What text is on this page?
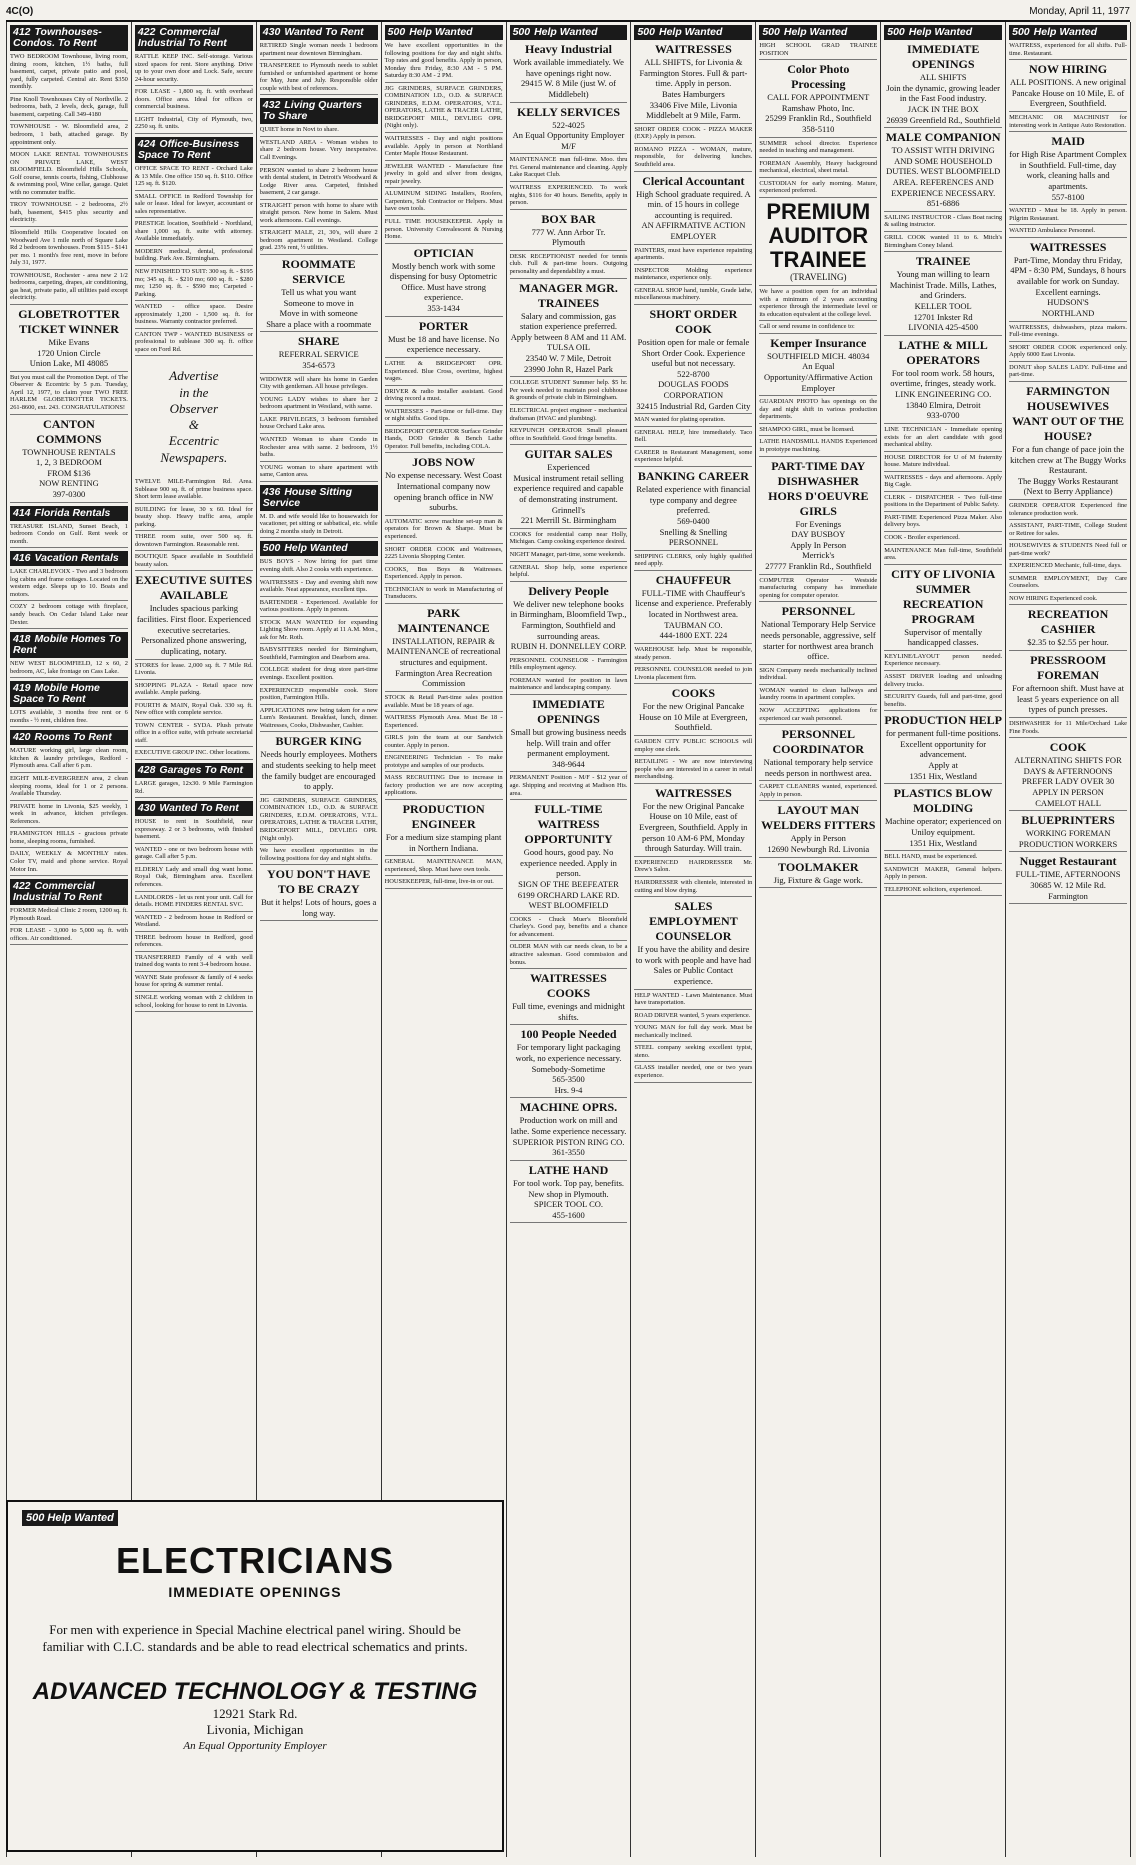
4C(O)	Monday, April 11, 1977
412 Townhouses-Condos. To Rent

TWO BEDROOM Townhouse, living room, dining room, kitchen, 1½ baths, full basement, carpet, private patio and pool, yard, fully carpeted. Central air. Rent $350 monthly.

Pine Knoll Townhouses City of Northville. 2 bedrooms, bath, 2 levels, deck, garage, full basement, carpeting. Call 349-4180

TOWNHOUSE - W. Bloomfield area, 2 bedroom, 1 bath, attached garage. By appointment only.

MOON LAKE RENTAL TOWNHOUSES ON PRIVATE LAKE, WEST BLOOMFIELD. Bloomfield Hills Schools, Golf course, tennis courts, fishing, Clubhouse & swimming pool, Wine cellar, garage. Quiet with no commuter traffic.

TROY TOWNHOUSE - 2 bedrooms, 2½ bath, basement, $415 plus security and electricity.

Bloomfield Hills Cooperative located on Woodward Ave 1 mile north of Square Lake Rd 2 bedroom townhouses. From $115 - $141 per mo. 1 month's free rent, move in before July 31, 1977.

TOWNHOUSE, Rochester - area new 2 1/2 bedrooms, carpeting, drapes, air conditioning, gas heat, private patio, all utilities paid except electricity.

GLOBETROTTER TICKET WINNER
Mike Evans
1720 Union Circle
Union Lake, MI 48085

But you must call the Promotion Dept. of The Observer & Eccentric by 5 p.m. Tuesday, April 12, 1977, to claim your TWO FREE HARLEM GLOBETROTTER TICKETS. 261-8600, ext. 243. CONGRATULATIONS!

CANTON COMMONS
TOWNHOUSE RENTALS
1, 2, 3 BEDROOM
FROM $136
NOW RENTING
397-0300
414 Florida Rentals

TREASURE ISLAND, Sunset Beach, 1 bedroom Condo on Gulf. Rent week or month.

416 Vacation Rentals

LAKE CHARLEVOIX - Two and 3 bedroom log cabins and frame cottages. Located on the western edge. Sleeps up to 10. Boats and motors.

COZY 2 bedroom cottage with fireplace, sandy beach. On Cedar Island Lake near Dexter.

418 Mobile Homes To Rent

NEW WEST BLOOMFIELD, 12 x 60, 2 bedroom, AC, lake frontage on Cass Lake.

419 Mobile Home Space To Rent

LOTS available, 3 months free rent or 6 months - ½ rent, children free.

420 Rooms To Rent

MATURE working girl, large clean room, kitchen & laundry privileges, Redford - Plymouth area. Call after 6 p.m.

EIGHT MILE-EVERGREEN area, 2 clean sleeping rooms, ideal for 1 or 2 persons. Available Thursday.

PRIVATE home in Livonia, $25 weekly, 1 week in advance, kitchen privileges. References.

FRAMINGTON HILLS - gracious private home, sleeping rooms, furnished.

DAILY, WEEKLY & MONTHLY rates. Color TV, maid and phone service. Royal Motor Inn.

422 Commercial Industrial To Rent

FORMER Medical Clinic 2 room, 1200 sq. ft. Plymouth Road.

FOR LEASE - 3,000 to 5,000 sq. ft. with offices. Air conditioned.

422 Commercial Industrial To Rent

RATTLE KEEP INC. Self-storage. Various sized spaces for rent. Store anything. Drive up to your own door and Lock. Safe, secure 24-hour security.

FOR LEASE - 1,800 sq. ft. with overhead doors. Office area. Ideal for offices or commercial business.

LIGHT Industrial, City of Plymouth, two, 2250 sq. ft. units.

424 Office-Business Space To Rent

OFFICE SPACE TO RENT - Orchard Lake & 13 Mile. One office 150 sq. ft. $110. Office 125 sq. ft. $120.

SMALL OFFICE in Redford Township for sale or lease. Ideal for lawyer, accountant or sales representative.

PRESTIGE location, Southfield - Northland, share 1,000 sq. ft. suite with attorney. Available immediately.

MODERN medical, dental, professional building. Park Ave. Birmingham.

NEW FINISHED TO SUIT: 300 sq. ft. - $195 mo; 345 sq. ft. - $210 mo; 600 sq. ft. - $280 mo; 1250 sq. ft. - $590 mo; Carpeted - Parking.

WANTED - office space. Desire approximately 1,200 - 1,500 sq. ft. for business. Warranty contractor preferred.

CANTON TWP - WANTED BUSINESS or professional to sublease 300 sq. ft. office space on Ford Rd.

Advertise
in the
Observer
&
Eccentric
Newspapers.

TWELVE MILE-Farmington Rd. Area. Sublease 900 sq. ft. of prime business space. Short term lease available.

BUILDING for lease, 30 x 60. Ideal for beauty shop. Heavy traffic area, ample parking.

THREE room suite, over 500 sq. ft. downtown Farmington. Reasonable rent.

BOUTIQUE Space available in Southfield beauty salon.

EXECUTIVE SUITES AVAILABLE
Includes spacious parking facilities. First floor. Experienced executive secretaries. Personalized phone answering, duplicating, notary.

STORES for lease. 2,000 sq. ft. 7 Mile Rd. Livonia.

SHOPPING PLAZA - Retail space now available. Ample parking.

FOURTH & MAIN, Royal Oak. 330 sq. ft. New office with complete service.

TOWN CENTER - SYDA. Plush private office in a office suite, with private secretarial staff.

EXECUTIVE GROUP INC. Other locations.

428 Garages To Rent

LARGE garages, 12x30. 9 Mile Farmington Rd.

430 Wanted To Rent

HOUSE to rent in Southfield, near expressway. 2 or 3 bedrooms, with finished basement.

WANTED - one or two bedroom house with garage. Call after 5 p.m.

ELDERLY Lady and small dog want home. Royal Oak, Birmingham area. Excellent references.

LANDLORDS - let us rent your unit. Call for details. HOME FINDERS RENTAL SVC.

WANTED - 2 bedroom house in Redford or Westland.

THREE bedroom house in Redford, good references.

TRANSFERRED Family of 4 with well trained dog wants to rent 3-4 bedroom house.

WAYNE State professor & family of 4 seeks house for spring & summer rental.

SINGLE working woman with 2 children in school, looking for house to rent in Livonia.

430 Wanted To Rent

RETIRED Single woman needs 1 bedroom apartment near downtown Birmingham.

TRANSFEREE to Plymouth needs to sublet furnished or unfurnished apartment or home for May, June and July. Responsible older couple with best of references.

432 Living Quarters To Share

QUIET home in Novi to share.

WESTLAND AREA - Woman wishes to share 2 bedroom house. Very inexpensive. Call Evenings.

PERSON wanted to share 2 bedroom house with dental student, in Detroit's Woodward & Lodge River area. Carpeted, finished basement, 2 car garage.

STRAIGHT person with home to share with straight person. New home in Salem. Must work afternoons. Call evenings.

STRAIGHT MALE, 21, 30's, will share 2 bedroom apartment in Westland. College grad. 23% rent, ½ utilities.

ROOMMATE SERVICE
Tell us what you want
Someone to move in
Move in with someone
Share a place with a roommate
SHARE
REFERRAL SERVICE
354-6573

WIDOWER will share his home in Garden City with gentleman. All house privileges.

YOUNG LADY wishes to share her 2 bedroom apartment in Westland, with same.

LAKE PRIVILEGES, 3 bedroom furnished house Orchard Lake area.

WANTED Woman to share Condo in Rochester area with same. 2 bedroom, 1½ baths.

YOUNG woman to share apartment with same, Canton area.

436 House Sitting Service

M. D. and wife would like to housewatch for vacationer, pet sitting or sabbatical, etc. while doing 2 months study in Detroit.

500 Help Wanted

BUS BOYS - Now hiring for part time evening shift. Also 2 cooks with experience.

WAITRESSES - Day and evening shift now available. Neat appearance, excellent tips.

BARTENDER - Experienced. Available for various positions. Apply in person.

STOCK MAN WANTED for expanding Lighting Show room. Apply at 11 A.M. Mon., ask for Mr. Roth.

BABYSITTERS needed for Birmingham, Southfield, Farmington and Dearborn area.

COLLEGE student for drug store part-time evenings. Excellent position.

EXPERIENCED responsible cook. Store position, Farmington Hills.

APPLICATIONS now being taken for a new Lum's Restaurant. Breakfast, lunch, dinner. Waitresses, Cooks, Dishwasher, Cashier.

BURGER KING
Needs hourly employees. Mothers and students seeking to help meet the family budget are encouraged to apply.

JIG GRINDERS, SURFACE GRINDERS, COMBINATION I.D., O.D. & SURFACE GRINDERS, E.D.M. OPERATORS, V.T.L. OPERATORS, LATHE & TRACER LATHE, BRIDGEPORT MILL, DEVLIEG OPR. (Night only).

We have excellent opportunities in the following positions for day and night shifts.

YOU DON'T HAVE TO BE CRAZY
But it helps! Lots of hours, goes a long way.
500 Help Wanted

We have excellent opportunities in the following positions for day and night shifts. Top rates and good benefits. Apply in person, Monday thru Friday, 8:30 AM - 5 PM. Saturday 8:30 AM - 2 PM.

JIG GRINDERS, SURFACE GRINDERS, COMBINATION I.D., O.D. & SURFACE GRINDERS, E.D.M. OPERATORS, V.T.L. OPERATORS, LATHE & TRACER LATHE, BRIDGEPORT MILL, DEVLIEG OPR. (Night only).

WAITRESSES - Day and night positions available. Apply in person at Northland Center Maple House Restaurant.

JEWELER WANTED - Manufacture fine jewelry in gold and silver from designs, repair jewelry.

ALUMINUM SIDING Installers, Roofers, Carpenters, Sub Contractor or Helpers. Must have own tools.

FULL TIME HOUSEKEEPER. Apply in person. University Convalescent & Nursing Home.

OPTICIAN
Mostly bench work with some dispensing for busy Optometric Office. Must have strong experience.
353-1434
PORTER
Must be 18 and have license. No experience necessary.

LATHE & BRIDGEPORT OPR. Experienced. Blue Cross, overtime, highest wages.

DRIVER & radio installer assistant. Good driving record a must.

WAITRESSES - Part-time or full-time. Day or night shifts. Good tips.

BRIDGEPORT OPERATOR Surface Grinder Hands, DOD Grinder & Bench Lathe Operator. Full benefits, including COLA.

JOBS NOW
No expense necessary. West Coast International company now opening branch office in NW suburbs.

AUTOMATIC screw machine set-up man & operators for Brown & Sharpe. Must be experienced.

SHORT ORDER COOK and Waitresses, 2225 Livonia Shopping Center.

COOKS, Bus Boys & Waitresses. Experienced. Apply in person.

TECHNICIAN to work in Manufacturing of Transducers.

PARK MAINTENANCE
INSTALLATION, REPAIR & MAINTENANCE of recreational structures and equipment.
Farmington Area Recreation Commission

STOCK & Retail Part-time sales position available. Must be 18 years of age.

WAITRESS Plymouth Area. Must Be 18 - Experienced.

GIRLS join the team at our Sandwich counter. Apply in person.

ENGINEERING Technician - To make prototype and samples of our products.

MASS RECRUITING Due to increase in factory production we are now accepting applications.

PRODUCTION ENGINEER
For a medium size stamping plant in Northern Indiana.

GENERAL MAINTENANCE MAN, experienced, Shop. Must have own tools.

HOUSEKEEPER, full-time, live-in or out.

500 Help Wanted
Heavy Industrial
Work available immediately. We have openings right now.
29415 W. 8 Mile (just W. of Middlebelt)
KELLY SERVICES
522-4025
An Equal Opportunity Employer M/F

MAINTENANCE man full-time. Moo. thru Fri. General maintenance and cleaning. Apply Lake Racquet Club.

WAITRESS EXPERIENCED. To work nights, $116 for 40 hours. Benefits, apply in person.

BOX BAR
777 W. Ann Arbor Tr.
Plymouth

DESK RECEPTIONIST needed for tennis club. Full & part-time hours. Outgoing personality and dependability a must.

MANAGER MGR. TRAINEES
Salary and commission, gas station experience preferred. Apply between 8 AM and 11 AM.
TULSA OIL
23540 W. 7 Mile, Detroit
23990 John R, Hazel Park

COLLEGE STUDENT Summer help. $5 hr. Per week needed to maintain pool clubhouse & grounds of private club in Birmingham.

ELECTRICAL project engineer - mechanical draftsman (HVAC and plumbing).

KEYPUNCH OPERATOR Small pleasant office in Southfield. Good fringe benefits.

GUITAR SALES
Experienced
Musical instrument retail selling experience required and capable of demonstrating instrument.
Grinnell's
221 Merrill St. Birmingham

COOKS for residential camp near Holly, Michigan. Camp cooking experience desired.

NIGHT Manager, part-time, some weekends.

GENERAL Shop help, some experience helpful.

Delivery People
We deliver new telephone books in Birmingham, Bloomfield Twp., Farmington, Southfield and surrounding areas.
RUBIN H. DONNELLEY CORP.

PERSONNEL COUNSELOR - Farmington Hills employment agency.

FOREMAN wanted for position in lawn maintenance and landscaping company.

IMMEDIATE OPENINGS
Small but growing business needs help. Will train and offer permanent employment.
348-9644

PERMANENT Position - M/F - $12 year of age. Shipping and receiving at Madison Hts. area.

FULL-TIME WAITRESS OPPORTUNITY
Good hours, good pay. No experience needed. Apply in person.
SIGN OF THE BEEFEATER
6199 ORCHARD LAKE RD.
WEST BLOOMFIELD

COOKS - Chuck Muer's Bloomfield Charley's. Good pay, benefits and a chance for advancement.

OLDER MAN with car needs clean, to be a attractive salesman. Good commission and bonus.

WAITRESSES COOKS
Full time, evenings and midnight shifts.
100 People Needed
For temporary light packaging work, no experience necessary.
Somebody-Sometime
565-3500
Hrs. 9-4
MACHINE OPRS.
Production work on mill and lathe. Some experience necessary.
SUPERIOR PISTON RING CO.
361-3550
LATHE HAND
For tool work. Top pay, benefits. New shop in Plymouth.
SPICER TOOL CO.
455-1600
500 Help Wanted
WAITRESSES
ALL SHIFTS, for Livonia & Farmington Stores. Full & part-time. Apply in person.
Bates Hamburgers
33406 Five Mile, Livonia
Middlebelt at 9 Mile, Farm.

SHORT ORDER COOK - PIZZA MAKER (EXP.) Apply in person.

ROMANO PIZZA - WOMAN, mature, responsible, for delivering lunches. Southfield area.

Clerical Accountant
High School graduate required. A min. of 15 hours in college accounting is required.
AN AFFIRMATIVE ACTION EMPLOYER

PAINTERS, must have experience repainting apartments.

INSPECTOR Molding experience maintenance, experience only.

GENERAL SHOP hand, tumble, Grade lathe, miscellaneous machinery.

SHORT ORDER COOK
Position open for male or female Short Order Cook. Experience useful but not necessary.
522-8700
DOUGLAS FOODS CORPORATION
32415 Industrial Rd, Garden City

MAN wanted for plating operation.

GENERAL HELP, hire immediately. Taco Bell.

CAREER in Restaurant Management, some experience helpful.

BANKING CAREER
Related experience with financial type company and degree preferred.
569-0400
Snelling & Snelling
PERSONNEL

SHIPPING CLERKS, only highly qualified need apply.

CHAUFFEUR
FULL-TIME with Chauffeur's license and experience. Preferably located in Northwest area.
TAUBMAN CO.
444-1800 EXT. 224

WAREHOUSE help. Must be responsible, steady person.

PERSONNEL COUNSELOR needed to join Livonia placement firm.

COOKS
For the new Original Pancake House on 10 Mile at Evergreen, Southfield.

GARDEN CITY PUBLIC SCHOOLS will employ one clerk.

RETAILING - We are now interviewing people who are interested in a career in retail merchandising.

WAITRESSES
For the new Original Pancake House on 10 Mile, east of Evergreen, Southfield. Apply in person 10 AM-6 PM, Monday through Saturday. Will train.

EXPERIENCED HAIRDRESSER Mr. Drew's Salon.

HAIRDRESSER with clientele, interested in cutting and blow drying.

SALES EMPLOYMENT COUNSELOR
If you have the ability and desire to work with people and have had Sales or Public Contact experience.

HELP WANTED - Lawn Maintenance. Must have transportation.

ROAD DRIVER wanted, 5 years experience.

YOUNG MAN for full day work. Must be mechanically inclined.

STEEL company seeking excellent typist, steno.

GLASS installer needed, one or two years experience.

500 Help Wanted

HIGH SCHOOL GRAD TRAINEE POSITION

Color Photo Processing
CALL FOR APPOINTMENT
Ramshaw Photo, Inc.
25299 Franklin Rd., Southfield
358-5110

SUMMER school director. Experience needed in teaching and management.

FOREMAN Assembly, Heavy background mechanical, electrical, sheet metal.

CUSTODIAN for early morning. Mature, experienced preferred.

PREMIUM AUDITOR TRAINEE
(TRAVELING)

We have a position open for an individual with a minimum of 2 years accounting experience through the intermediate level or its education equivalent at the college level.

Call or send resume in confidence to:

Kemper Insurance
SOUTHFIELD MICH. 48034
An Equal Opportunity/Affirmative Action Employer

GUARDIAN PHOTO has openings on the day and night shift in various production departments.

SHAMPOO GIRL, must be licensed.

LATHE HANDSMILL HANDS Experienced in prototype machining.

PART-TIME DAY DISHWASHER HORS D'OEUVRE GIRLS
For Evenings
DAY BUSBOY
Apply In Person
Merrick's
27777 Franklin Rd., Southfield

COMPUTER Operator - Westside manufacturing company has immediate opening for computer operator.

PERSONNEL
National Temporary Help Service needs personable, aggressive, self starter for northwest area branch office.

SIGN Company needs mechanically inclined individual.

WOMAN wanted to clean hallways and laundry rooms in apartment complex.

NOW ACCEPTING applications for experienced car wash personnel.

PERSONNEL COORDINATOR
National temporary help service needs person in northwest area.

CARPET CLEANERS wanted, experienced. Apply in person.

LAYOUT MAN WELDERS FITTERS
Apply in Person
12690 Newburgh Rd. Livonia
TOOLMAKER
Jig, Fixture & Gage work.
500 Help Wanted
IMMEDIATE OPENINGS
ALL SHIFTS
Join the dynamic, growing leader in the Fast Food industry.
JACK IN THE BOX
26939 Greenfield Rd., Southfield
MALE COMPANION
TO ASSIST WITH DRIVING AND SOME HOUSEHOLD DUTIES. WEST BLOOMFIELD AREA. REFERENCES AND EXPERIENCE NECESSARY.
851-6886

SAILING INSTRUCTOR - Class Boat racing & sailing instructor.

GRILL COOK wanted 11 to 6. Mitch's Birmingham Coney Island.

TRAINEE
Young man willing to learn Machinist Trade. Mills, Lathes, and Grinders.
KELLER TOOL
12701 Inkster Rd
LIVONIA 425-4500
LATHE & MILL OPERATORS
For tool room work. 58 hours, overtime, fringes, steady work.
LINK ENGINEERING CO.
13840 Elmira, Detroit
933-0700

LINE TECHNICIAN - Immediate opening exists for an alert candidate with good mechanical ability.

HOUSE DIRECTOR for U of M fraternity house. Mature individual.

WAITRESSES - days and afternoons. Apply Big Cagle.

CLERK - DISPATCHER - Two full-time positions in the Department of Public Safety.

PART-TIME Experienced Pizza Maker. Also delivery boys.

COOK - Broiler experienced.

MAINTENANCE Man full-time, Southfield area.

CITY OF LIVONIA SUMMER RECREATION PROGRAM
Supervisor of mentally handicapped classes.

KEYLINE/LAYOUT person needed. Experience necessary.

ASSIST DRIVER loading and unloading delivery trucks.

SECURITY Guards, full and part-time, good benefits.

PRODUCTION HELP
for permanent full-time positions. Excellent opportunity for advancement.
Apply at
1351 Hix, Westland
PLASTICS BLOW MOLDING
Machine operator; experienced on Uniloy equipment.
1351 Hix, Westland

BELL HAND, must be experienced.

SANDWICH MAKER, General helpers. Apply in person.

TELEPHONE solicitors, experienced.

500 Help Wanted

WAITRESS, experienced for all shifts. Full-time. Restaurant.

NOW HIRING
ALL POSITIONS. A new original Pancake House on 10 Mile, E. of Evergreen, Southfield.

MECHANIC OR MACHINIST for interesting work in Antique Auto Restoration.

MAID
for High Rise Apartment Complex in Southfield. Full-time, day work, cleaning halls and apartments.
557-8100

WANTED - Must be 18. Apply in person. Pilgrim Restaurant.

WANTED Ambulance Personnel.

WAITRESSES
Part-Time, Monday thru Friday, 4PM - 8:30 PM, Sundays, 8 hours available for work on Sunday. Excellent earnings.
HUDSON'S
NORTHLAND

WAITRESSES, dishwashers, pizza makers. Full-time evenings.

SHORT ORDER COOK experienced only. Apply 6000 East Livonia.

DONUT shop SALES LADY. Full-time and part-time.

FARMINGTON HOUSEWIVES WANT OUT OF THE HOUSE?
For a fun change of pace join the kitchen crew at The Buggy Works Restaurant.
The Buggy Works Restaurant
(Next to Berry Appliance)

GRINDER OPERATOR Experienced fine tolerance production work.

ASSISTANT, PART-TIME, College Student or Retiree for sales.

HOUSEWIVES & STUDENTS Need full or part-time work?

EXPERIENCED Mechanic, full-time, days.

SUMMER EMPLOYMENT, Day Care Counselors.

NOW HIRING Experienced cook.

RECREATION CASHIER
$2.35 to $2.55 per hour.
PRESSROOM FOREMAN
For afternoon shift. Must have at least 5 years experience on all types of punch presses.

DISHWASHER for 11 Mile/Orchard Lake Fine Foods.

COOK
ALTERNATING SHIFTS FOR DAYS & AFTERNOONS
PREFER LADY OVER 30
APPLY IN PERSON
CAMELOT HALL
BLUEPRINTERS
WORKING FOREMAN PRODUCTION WORKERS
Nugget Restaurant
FULL-TIME, AFTERNOONS
30685 W. 12 Mile Rd.
Farmington
500 Help Wanted
ELECTRICIANS
IMMEDIATE OPENINGS
For men with experience in Special Machine electrical panel wiring. Should be familiar with C.I.C. standards and be able to read electrical schematics and prints.
ADVANCED TECHNOLOGY & TESTING
12921 Stark Rd.
Livonia, Michigan
An Equal Opportunity Employer
